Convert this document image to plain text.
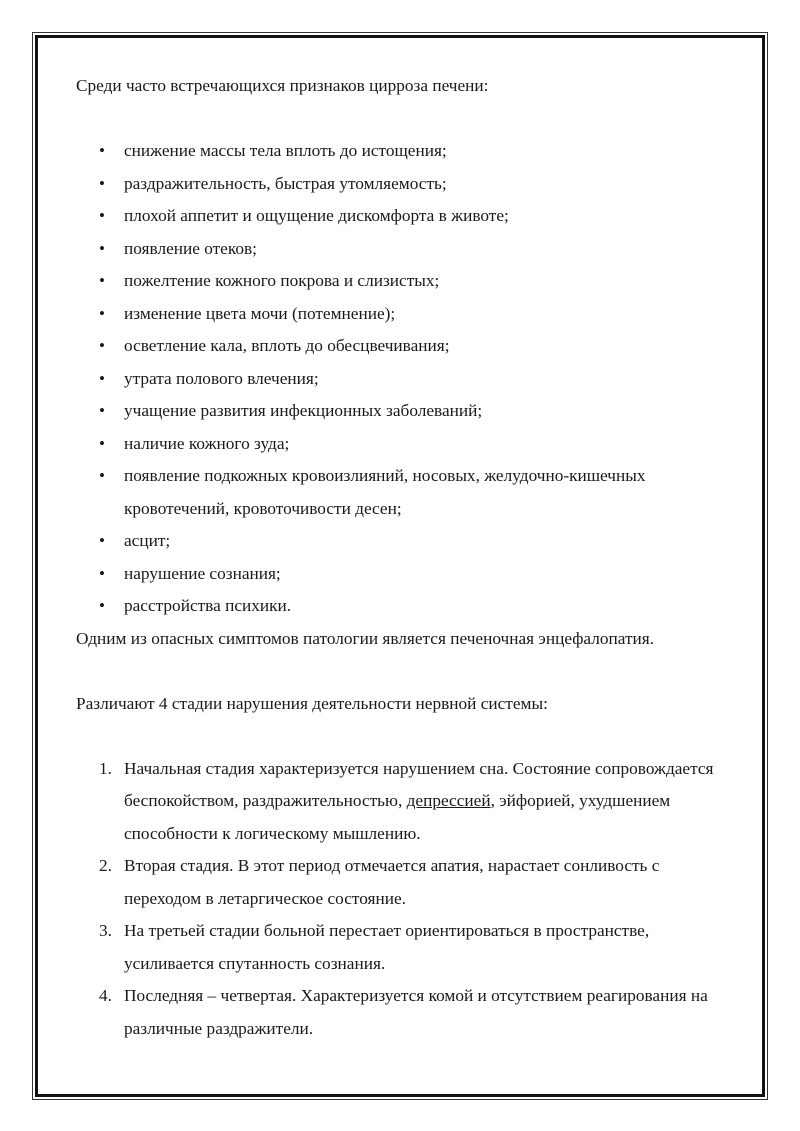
Среди часто встречающихся признаков цирроза печени:

• снижение массы тела вплоть до истощения;
• раздражительность, быстрая утомляемость;
• плохой аппетит и ощущение дискомфорта в животе;
• появление отеков;
• пожелтение кожного покрова и слизистых;
• изменение цвета мочи (потемнение);
• осветление кала, вплоть до обесцвечивания;
• утрата полового влечения;
• учащение развития инфекционных заболеваний;
• наличие кожного зуда;
• появление подкожных кровоизлияний, носовых, желудочно-кишечных кровотечений, кровоточивости десен;
• асцит;
• нарушение сознания;
• расстройства психики.

Одним из опасных симптомов патологии является печеночная энцефалопатия.

Различают 4 стадии нарушения деятельности нервной системы:

1. Начальная стадия характеризуется нарушением сна. Состояние сопровождается беспокойством, раздражительностью, депрессией, эйфорией, ухудшением способности к логическому мышлению.
2. Вторая стадия. В этот период отмечается апатия, нарастает сонливость с переходом в летаргическое состояние.
3. На третьей стадии больной перестает ориентироваться в пространстве, усиливается спутанность сознания.
4. Последняя – четвертая. Характеризуется комой и отсутствием реагирования на различные раздражители.
